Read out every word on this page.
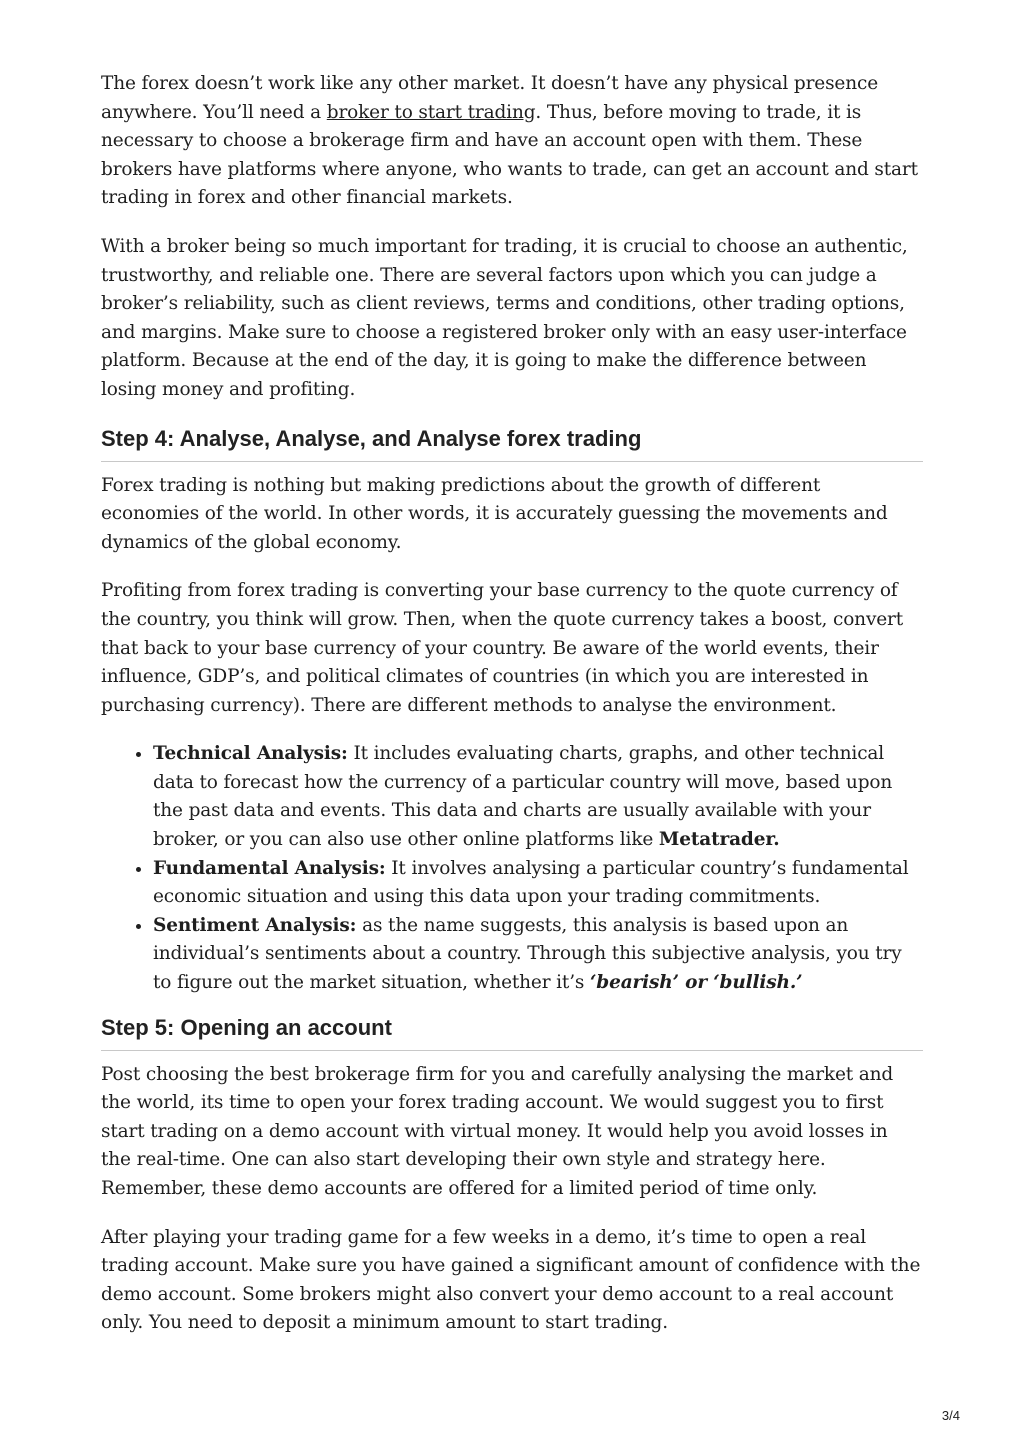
The forex doesn’t work like any other market. It doesn’t have any physical presence anywhere. You’ll need a broker to start trading. Thus, before moving to trade, it is necessary to choose a brokerage firm and have an account open with them. These brokers have platforms where anyone, who wants to trade, can get an account and start trading in forex and other financial markets.

With a broker being so much important for trading, it is crucial to choose an authentic, trustworthy, and reliable one. There are several factors upon which you can judge a broker’s reliability, such as client reviews, terms and conditions, other trading options, and margins. Make sure to choose a registered broker only with an easy user-interface platform. Because at the end of the day, it is going to make the difference between losing money and profiting.

Step 4: Analyse, Analyse, and Analyse forex trading

Forex trading is nothing but making predictions about the growth of different economies of the world. In other words, it is accurately guessing the movements and dynamics of the global economy.

Profiting from forex trading is converting your base currency to the quote currency of the country, you think will grow. Then, when the quote currency takes a boost, convert that back to your base currency of your country. Be aware of the world events, their influence, GDP’s, and political climates of countries (in which you are interested in purchasing currency). There are different methods to analyse the environment.

• Technical Analysis: It includes evaluating charts, graphs, and other technical data to forecast how the currency of a particular country will move, based upon the past data and events. This data and charts are usually available with your broker, or you can also use other online platforms like Metatrader.
• Fundamental Analysis: It involves analysing a particular country’s fundamental economic situation and using this data upon your trading commitments.
• Sentiment Analysis: as the name suggests, this analysis is based upon an individual’s sentiments about a country. Through this subjective analysis, you try to figure out the market situation, whether it’s ‘bearish’ or ‘bullish.’
Step 5: Opening an account

Post choosing the best brokerage firm for you and carefully analysing the market and the world, its time to open your forex trading account. We would suggest you to first start trading on a demo account with virtual money. It would help you avoid losses in the real-time. One can also start developing their own style and strategy here. Remember, these demo accounts are offered for a limited period of time only.

After playing your trading game for a few weeks in a demo, it’s time to open a real trading account. Make sure you have gained a significant amount of confidence with the demo account. Some brokers might also convert your demo account to a real account only. You need to deposit a minimum amount to start trading.

3/4
